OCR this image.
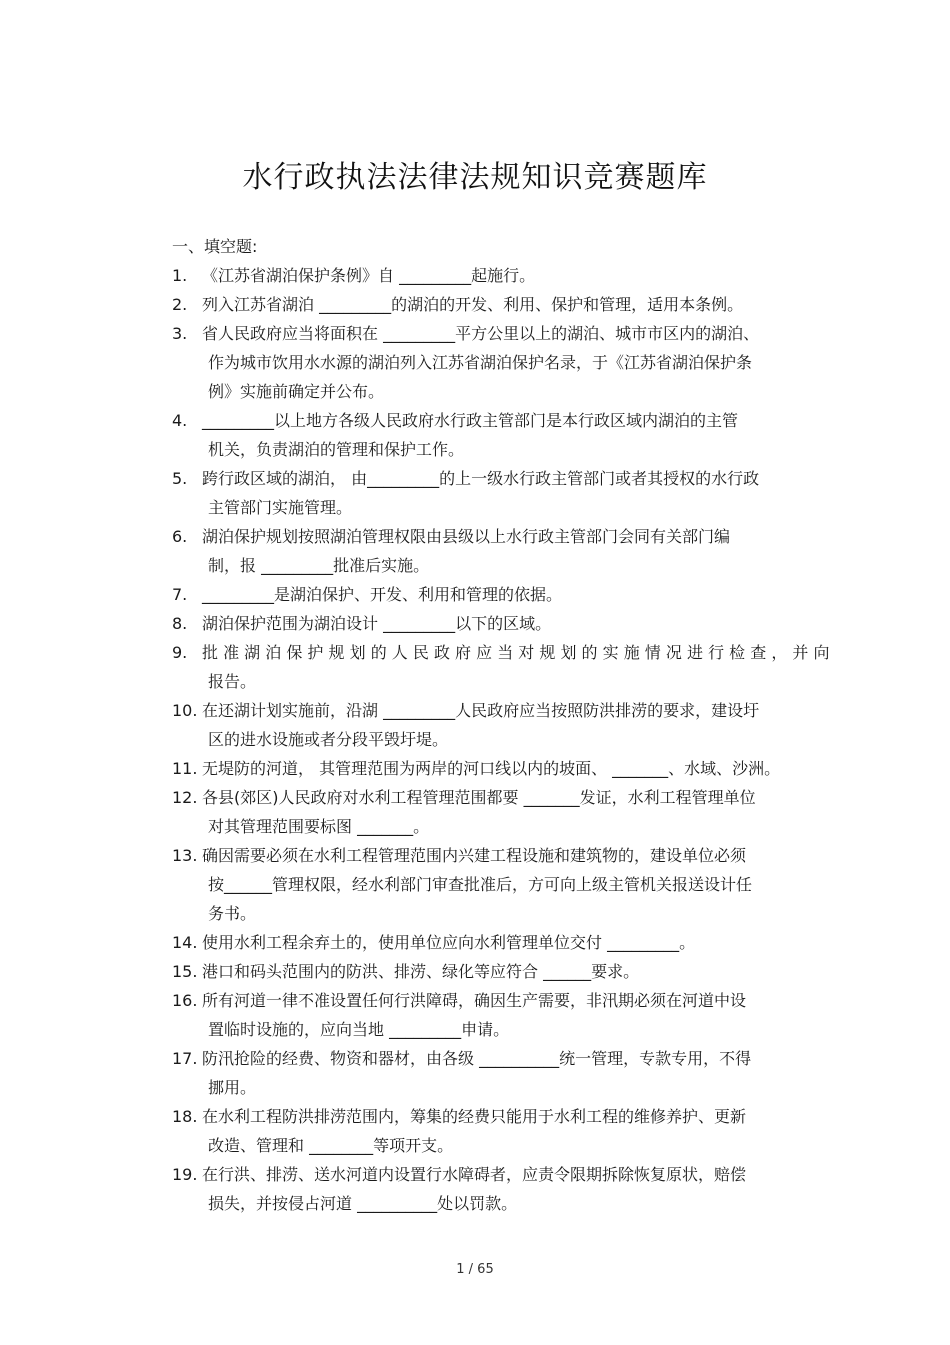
水行政执法法律法规知识竞赛题库
一、填空题:
1. 《江苏省湖泊保护条例》自 _________起施行。
2. 列入江苏省湖泊 _________的湖泊的开发、利用、保护和管理，适用本条例。
3. 省人民政府应当将面积在 _________平方公里以上的湖泊、城市市区内的湖泊、
作为城市饮用水水源的湖泊列入江苏省湖泊保护名录，于《江苏省湖泊保护条
例》实施前确定并公布。
4. _________以上地方各级人民政府水行政主管部门是本行政区域内湖泊的主管
机关，负责湖泊的管理和保护工作。
5. 跨行政区域的湖泊， 由_________的上一级水行政主管部门或者其授权的水行政
主管部门实施管理。
6. 湖泊保护规划按照湖泊管理权限由县级以上水行政主管部门会同有关部门编
制，报 _________批准后实施。
7. _________是湖泊保护、开发、利用和管理的依据。
8. 湖泊保护范围为湖泊设计 _________以下的区域。
9. 批 准 湖 泊 保 护 规 划 的 人 民 政 府 应 当 对 规 划 的 实 施 情 况 进 行 检 查 ， 并 向
报告。
10. 在还湖计划实施前，沿湖 _________人民政府应当按照防洪排涝的要求，建设圩
区的进水设施或者分段平毁圩堤。
11. 无堤防的河道， 其管理范围为两岸的河口线以内的坡面、 _______、水域、沙洲。
12. 各县(郊区)人民政府对水利工程管理范围都要 _______发证，水利工程管理单位
对其管理范围要标图 _______。
13. 确因需要必须在水利工程管理范围内兴建工程设施和建筑物的，建设单位必须
按______管理权限，经水利部门审查批准后，方可向上级主管机关报送设计任
务书。
14. 使用水利工程余弃土的，使用单位应向水利管理单位交付 _________。
15. 港口和码头范围内的防洪、排涝、绿化等应符合 ______要求。
16. 所有河道一律不准设置任何行洪障碍，确因生产需要，非汛期必须在河道中设
置临时设施的，应向当地 _________申请。
17. 防汛抢险的经费、物资和器材，由各级 __________统一管理，专款专用，不得
挪用。
18. 在水利工程防洪排涝范围内，筹集的经费只能用于水利工程的维修养护、更新
改造、管理和 ________等项开支。
19. 在行洪、排涝、送水河道内设置行水障碍者，应责令限期拆除恢复原状，赔偿
损失，并按侵占河道 __________处以罚款。
1 / 65
